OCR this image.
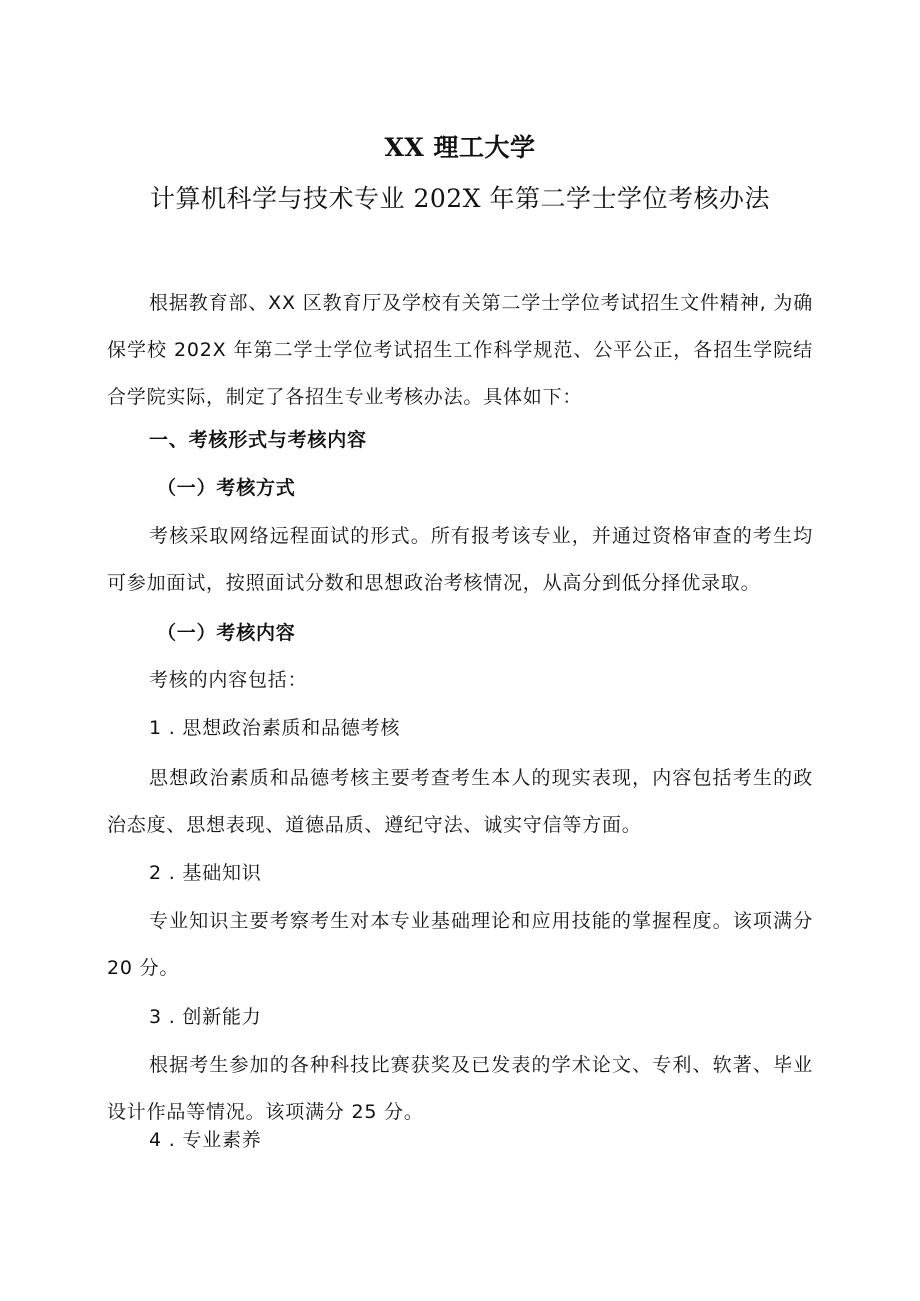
XX 理工大学
计算机科学与技术专业 202X 年第二学士学位考核办法

根据教育部、XX 区教育厅及学校有关第二学士学位考试招生文件精神, 为确保学校 202X 年第二学士学位考试招生工作科学规范、公平公正，各招生学院结合学院实际，制定了各招生专业考核办法。具体如下：

一、考核形式与考核内容
（一）考核方式

考核采取网络远程面试的形式。所有报考该专业，并通过资格审查的考生均可参加面试，按照面试分数和思想政治考核情况，从高分到低分择优录取。

（一）考核内容
考核的内容包括：
1 . 思想政治素质和品德考核

思想政治素质和品德考核主要考查考生本人的现实表现，内容包括考生的政治态度、思想表现、道德品质、遵纪守法、诚实守信等方面。

2 . 基础知识

专业知识主要考察考生对本专业基础理论和应用技能的掌握程度。该项满分 20 分。

3 . 创新能力

根据考生参加的各种科技比赛获奖及已发表的学术论文、专利、软著、毕业设计作品等情况。该项满分 25 分。

4 . 专业素养
